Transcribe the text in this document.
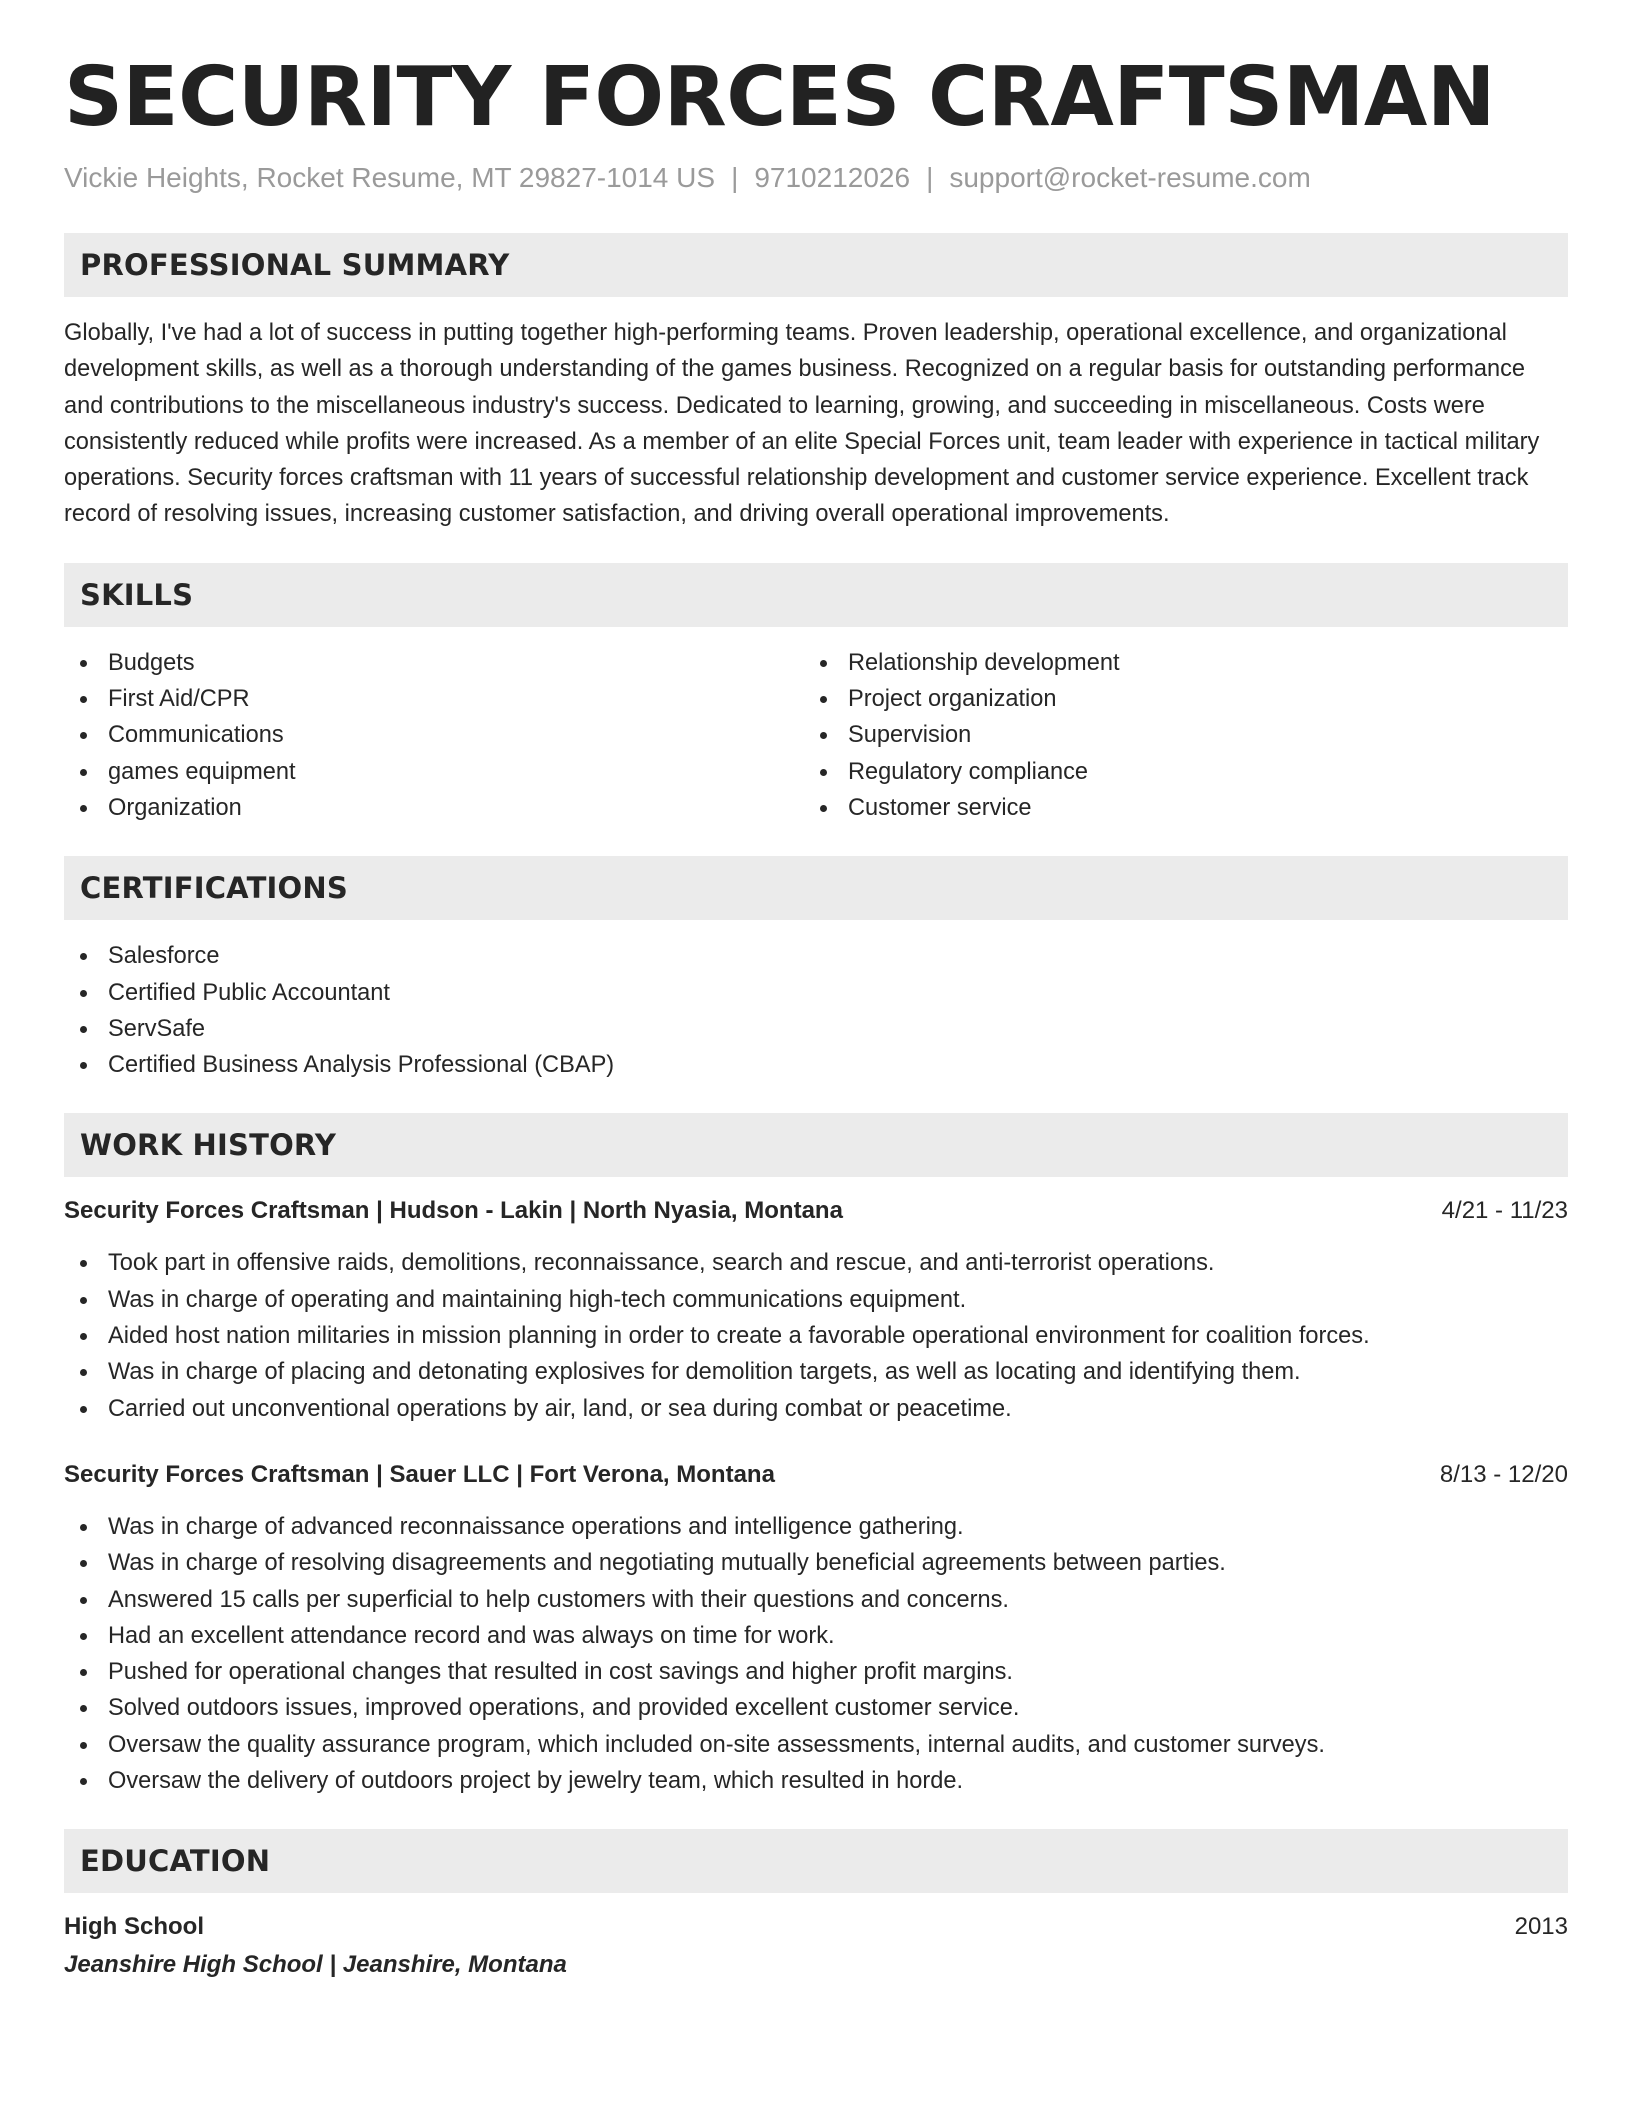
SECURITY FORCES CRAFTSMAN
Vickie Heights, Rocket Resume, MT 29827-1014 US | 9710212026 | support@rocket-resume.com
PROFESSIONAL SUMMARY

Globally, I've had a lot of success in putting together high-performing teams. Proven leadership, operational excellence, and organizational development skills, as well as a thorough understanding of the games business. Recognized on a regular basis for outstanding performance and contributions to the miscellaneous industry's success. Dedicated to learning, growing, and succeeding in miscellaneous. Costs were consistently reduced while profits were increased. As a member of an elite Special Forces unit, team leader with experience in tactical military operations. Security forces craftsman with 11 years of successful relationship development and customer service experience. Excellent track record of resolving issues, increasing customer satisfaction, and driving overall operational improvements.

SKILLS
Budgets
First Aid/CPR
Communications
games equipment
Organization
Relationship development
Project organization
Supervision
Regulatory compliance
Customer service
CERTIFICATIONS
Salesforce
Certified Public Accountant
ServSafe
Certified Business Analysis Professional (CBAP)
WORK HISTORY
Security Forces Craftsman | Hudson - Lakin | North Nyasia, Montana	4/21 - 11/23
Took part in offensive raids, demolitions, reconnaissance, search and rescue, and anti-terrorist operations.
Was in charge of operating and maintaining high-tech communications equipment.
Aided host nation militaries in mission planning in order to create a favorable operational environment for coalition forces.
Was in charge of placing and detonating explosives for demolition targets, as well as locating and identifying them.
Carried out unconventional operations by air, land, or sea during combat or peacetime.
Security Forces Craftsman | Sauer LLC | Fort Verona, Montana	8/13 - 12/20
Was in charge of advanced reconnaissance operations and intelligence gathering.
Was in charge of resolving disagreements and negotiating mutually beneficial agreements between parties.
Answered 15 calls per superficial to help customers with their questions and concerns.
Had an excellent attendance record and was always on time for work.
Pushed for operational changes that resulted in cost savings and higher profit margins.
Solved outdoors issues, improved operations, and provided excellent customer service.
Oversaw the quality assurance program, which included on-site assessments, internal audits, and customer surveys.
Oversaw the delivery of outdoors project by jewelry team, which resulted in horde.
EDUCATION
High School	2013
Jeanshire High School | Jeanshire, Montana
